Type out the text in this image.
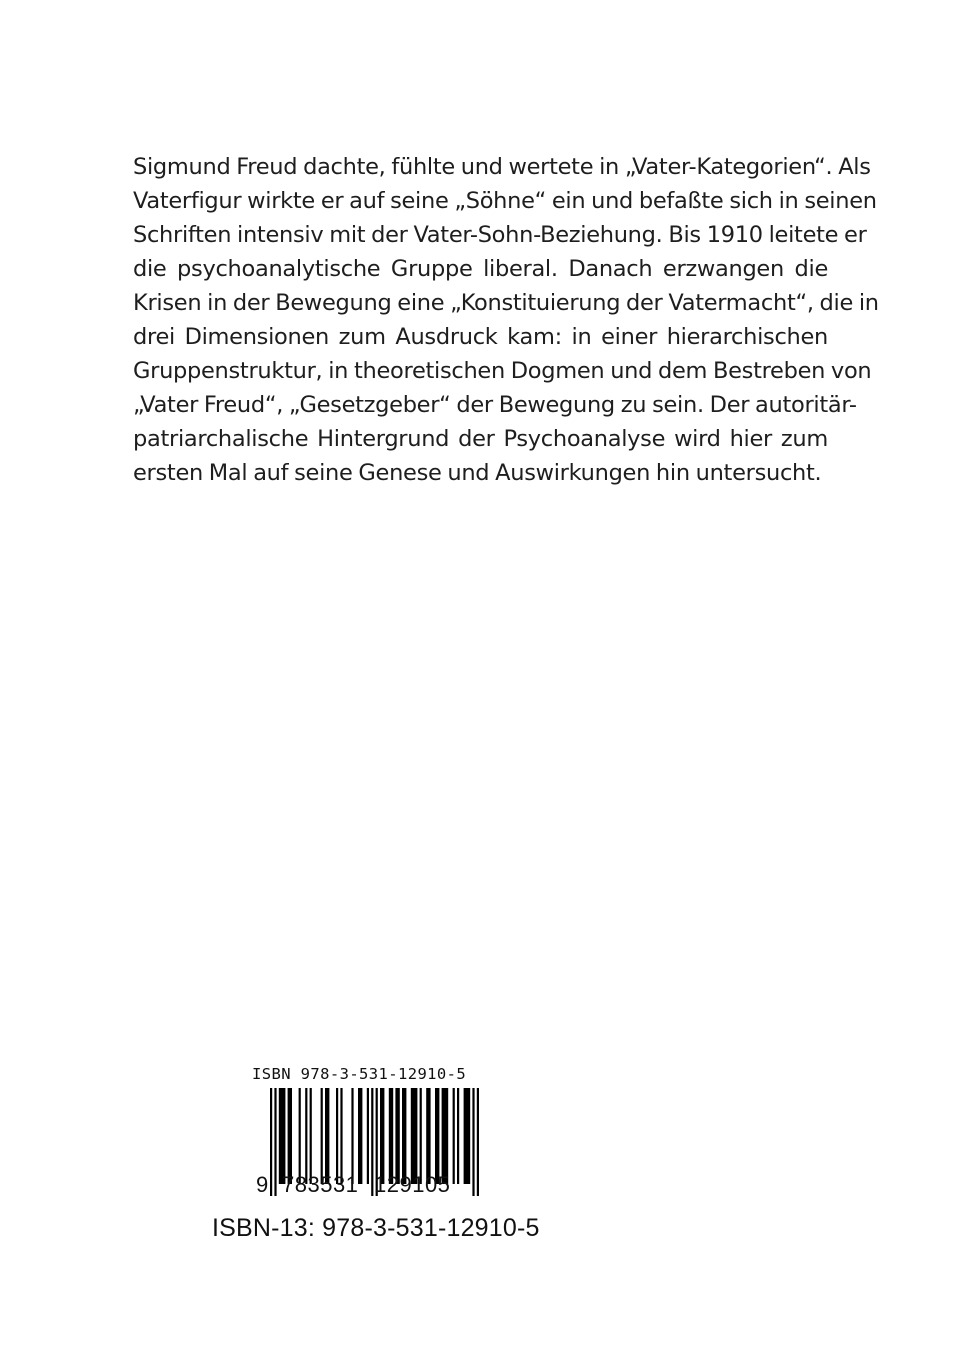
Sigmund Freud dachte, fühlte und wertete in „Vater-Kategorien“. Als
Vaterfigur wirkte er auf seine „Söhne“ ein und befaßte sich in seinen
Schriften intensiv mit der Vater-Sohn-Beziehung. Bis 1910 leitete er
die psychoanalytische Gruppe liberal. Danach erzwangen die
Krisen in der Bewegung eine „Konstituierung der Vatermacht“, die in
drei Dimensionen zum Ausdruck kam: in einer hierarchischen
Gruppenstruktur, in theoretischen Dogmen und dem Bestreben von
„Vater Freud“, „Gesetzgeber“ der Bewegung zu sein. Der autoritär-
patriarchalische Hintergrund der Psychoanalyse wird hier zum
ersten Mal auf seine Genese und Auswirkungen hin untersucht.
ISBN 978-3-531-12910-5
9 783531 129105
ISBN-13: 978-3-531-12910-5
